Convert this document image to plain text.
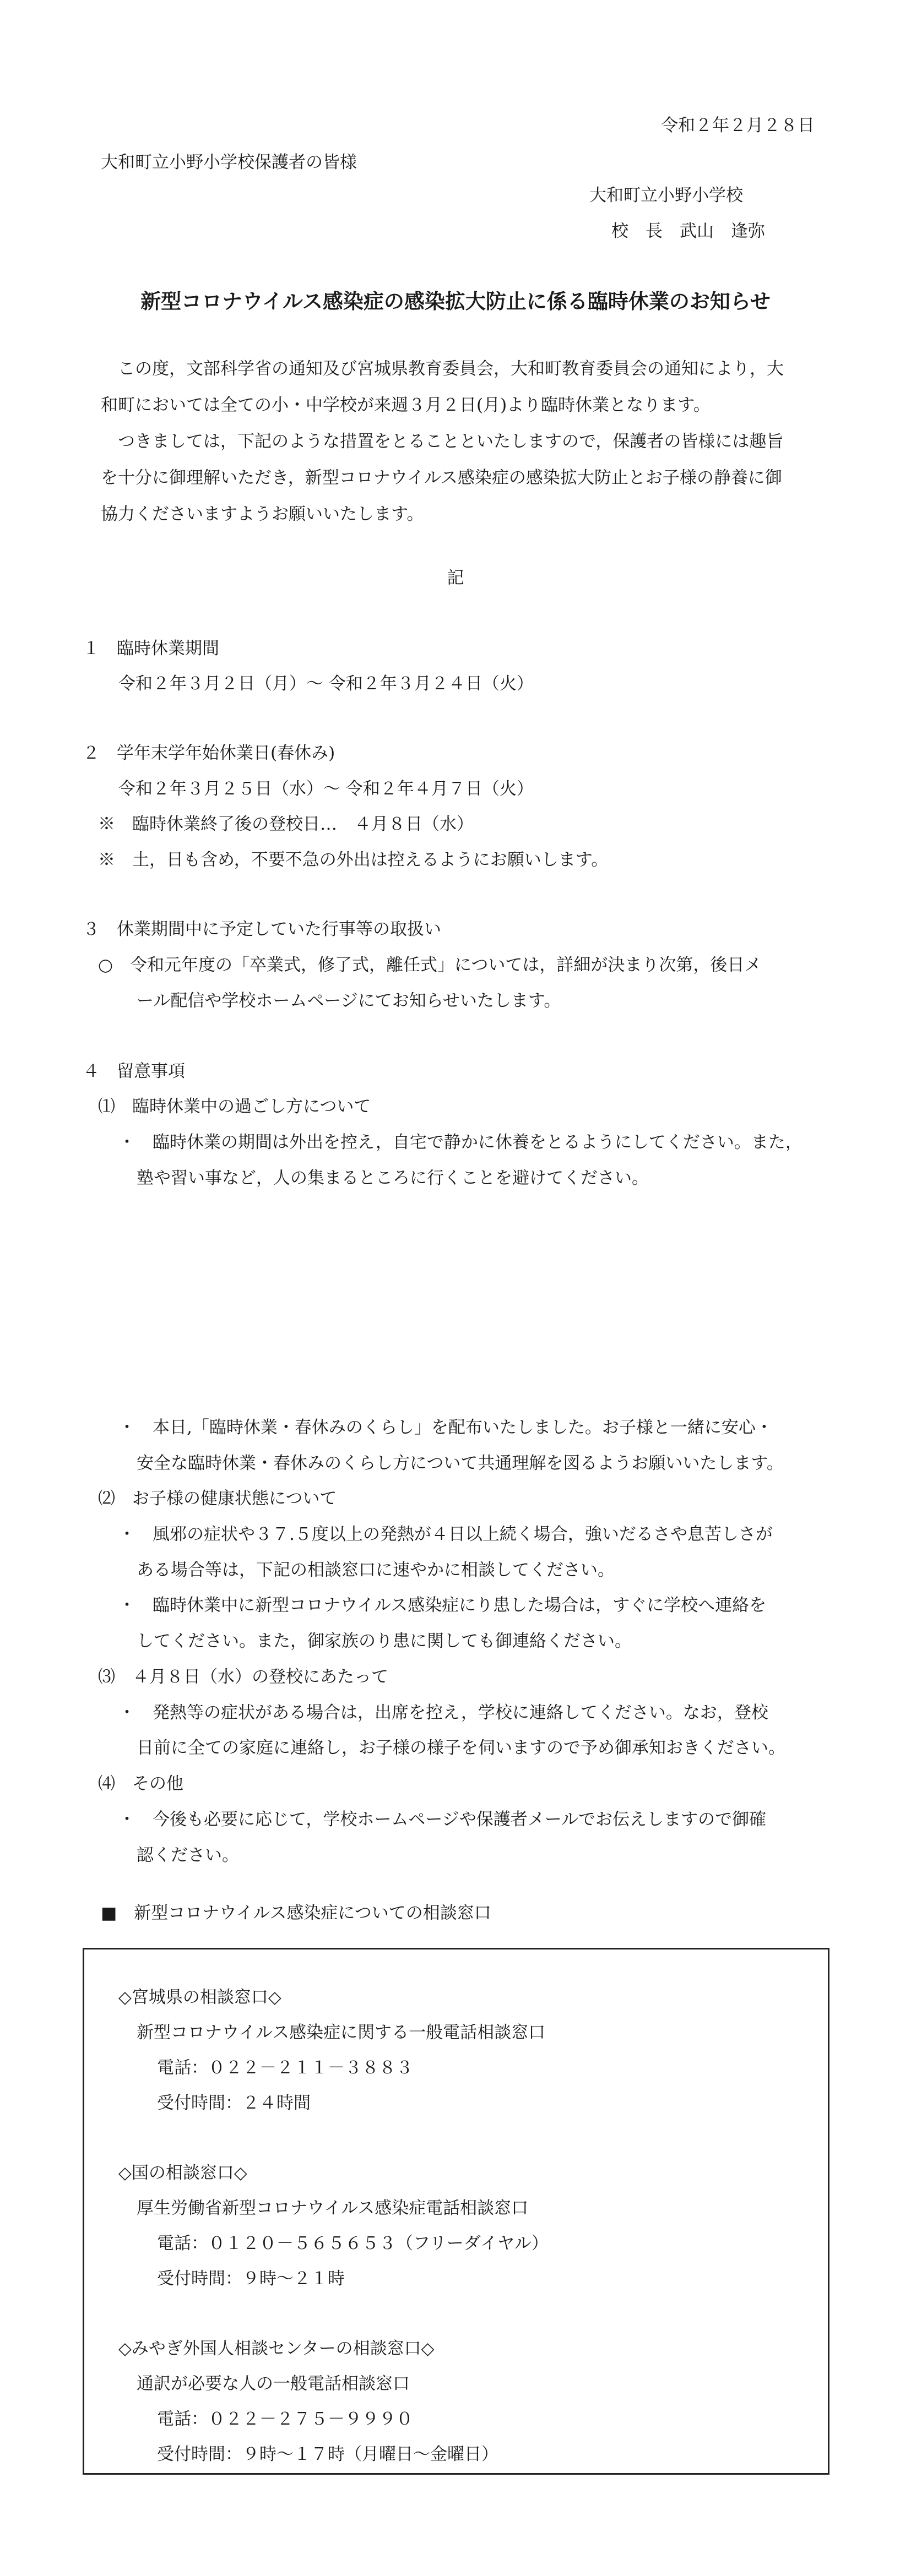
令和２年２月２８日
大和町立小野小学校保護者の皆様
大和町立小野小学校
校　長　武山　逢弥
新型コロナウイルス感染症の感染拡大防止に係る臨時休業のお知らせ
　この度，文部科学省の通知及び宮城県教育委員会，大和町教育委員会の通知により，大
和町においては全ての小・中学校が来週３月２日(月)より臨時休業となります。
　つきましては，下記のような措置をとることといたしますので，保護者の皆様には趣旨
を十分に御理解いただき，新型コロナウイルス感染症の感染拡大防止とお子様の静養に御
協力くださいますようお願いいたします。
記
１　臨時休業期間
令和２年３月２日（月）～ 令和２年３月２４日（火）
２　学年末学年始休業日(春休み)
令和２年３月２５日（水）～ 令和２年４月７日（火）
※　臨時休業終了後の登校日…　４月８日（水）
※　土，日も含め，不要不急の外出は控えるようにお願いします。
３　休業期間中に予定していた行事等の取扱い
○　令和元年度の「卒業式，修了式，離任式」については，詳細が決まり次第，後日メ
ール配信や学校ホームページにてお知らせいたします。
４　留意事項
⑴　臨時休業中の過ごし方について
・　臨時休業の期間は外出を控え，自宅で静かに休養をとるようにしてください。また，
塾や習い事など，人の集まるところに行くことを避けてください。
・　本日,「臨時休業・春休みのくらし」を配布いたしました。お子様と一緒に安心・
安全な臨時休業・春休みのくらし方について共通理解を図るようお願いいたします。
⑵　お子様の健康状態について
・　風邪の症状や３７.５度以上の発熱が４日以上続く場合，強いだるさや息苦しさが
ある場合等は，下記の相談窓口に速やかに相談してください。
・　臨時休業中に新型コロナウイルス感染症にり患した場合は，すぐに学校へ連絡を
してください。また，御家族のり患に関しても御連絡ください。
⑶　４月８日（水）の登校にあたって
・　発熱等の症状がある場合は，出席を控え，学校に連絡してください。なお，登校
日前に全ての家庭に連絡し，お子様の様子を伺いますので予め御承知おきください。
⑷　その他
・　今後も必要に応じて，学校ホームページや保護者メールでお伝えしますので御確
認ください。
■　新型コロナウイルス感染症についての相談窓口
◇宮城県の相談窓口◇
新型コロナウイルス感染症に関する一般電話相談窓口
電話：０２２－２１１－３８８３
受付時間：２４時間
◇国の相談窓口◇
厚生労働省新型コロナウイルス感染症電話相談窓口
電話：０１２０－５６５６５３（フリーダイヤル）
受付時間：９時～２１時
◇みやぎ外国人相談センターの相談窓口◇
通訳が必要な人の一般電話相談窓口
電話：０２２－２７５－９９９０
受付時間：９時～１７時（月曜日～金曜日）
